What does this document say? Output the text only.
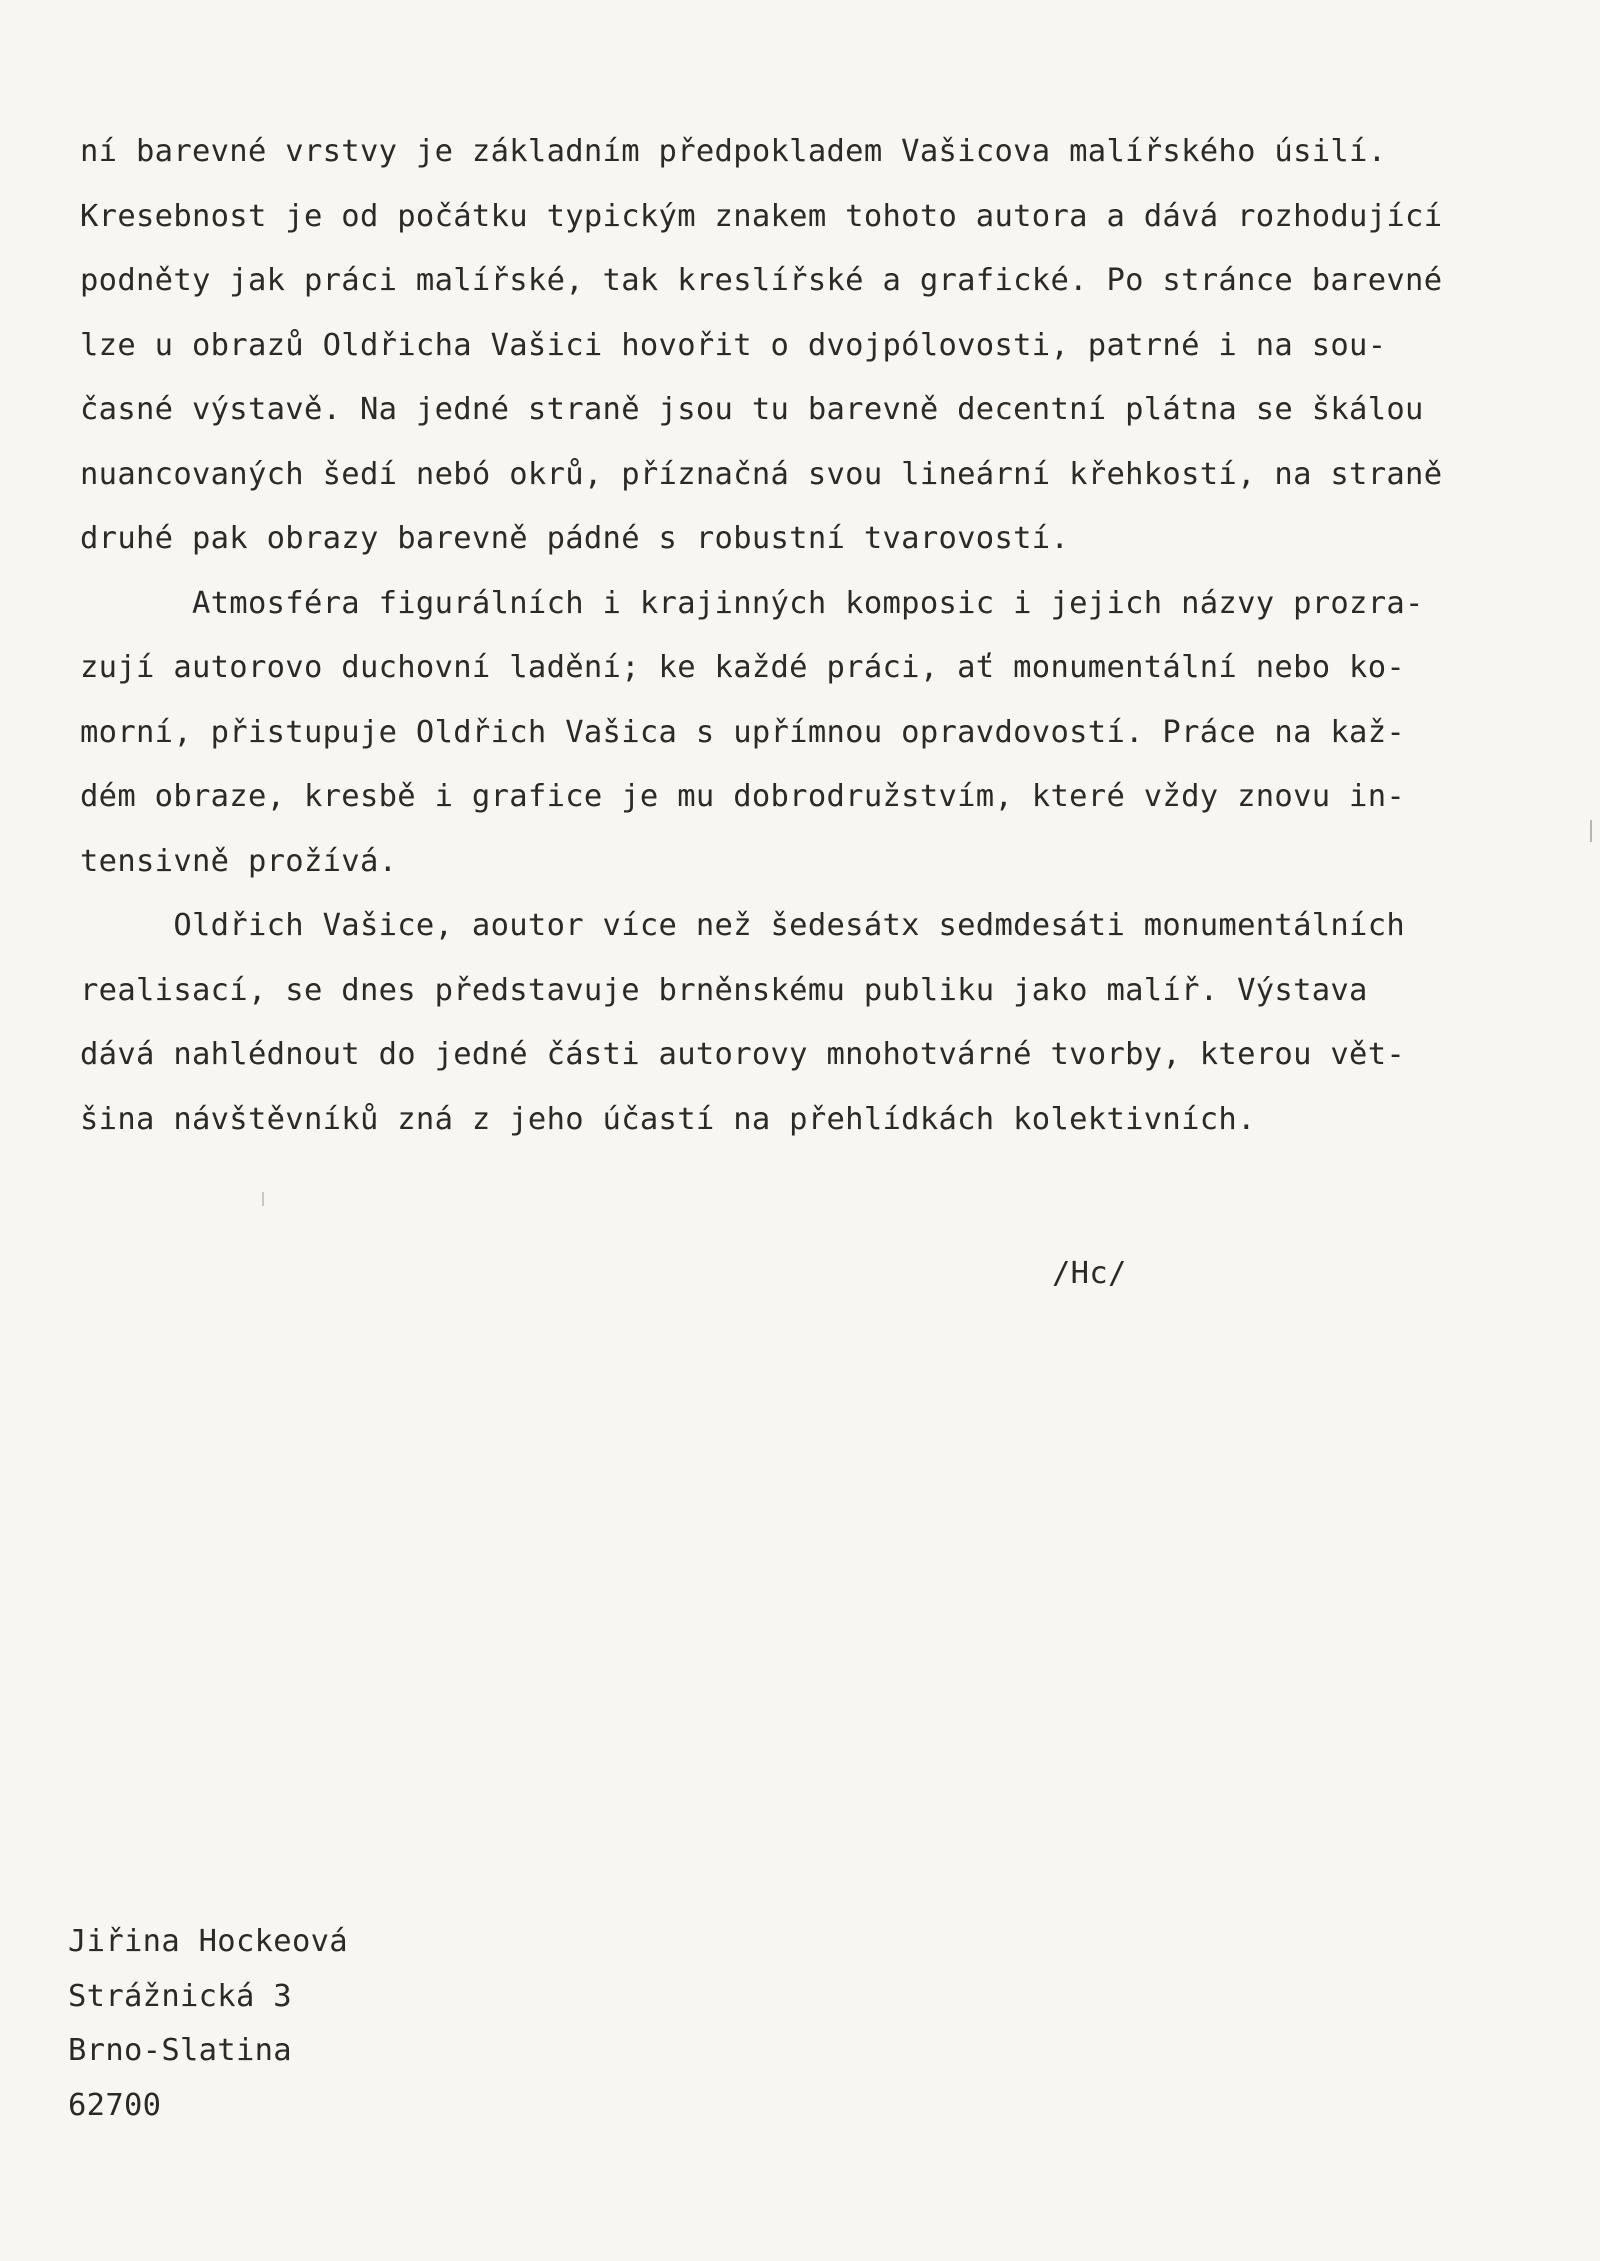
ní barevné vrstvy je základním předpokladem Vašicova malířského úsilí.
Kresebnost je od počátku typickým znakem tohoto autora a dává rozhodující
podněty jak práci malířské, tak kreslířské a grafické. Po stránce barevné
lze u obrazů Oldřicha Vašici hovořit o dvojpólovosti, patrné i na sou-
časné výstavě. Na jedné straně jsou tu barevně decentní plátna se škálou
nuancovaných šedí nebó okrů, příznačná svou lineární křehkostí, na straně
druhé pak obrazy barevně pádné s robustní tvarovostí.
Atmosféra figurálních i krajinných komposic i jejich názvy prozra-
zují autorovo duchovní ladění; ke každé práci, ať monumentální nebo ko-
morní, přistupuje Oldřich Vašica s upřímnou opravdovostí. Práce na kaž-
dém obraze, kresbě i grafice je mu dobrodružstvím, které vždy znovu in-
tensivně prožívá.
Oldřich Vašice, aoutor více než šedesátx sedmdesáti monumentálních
realisací, se dnes představuje brněnskému publiku jako malíř. Výstava
dává nahlédnout do jedné části autorovy mnohotvárné tvorby, kterou vět-
šina návštěvníků zná z jeho účastí na přehlídkách kolektivních.
/Hc/
Jiřina Hockeová
Strážnická 3
Brno-Slatina
62700
